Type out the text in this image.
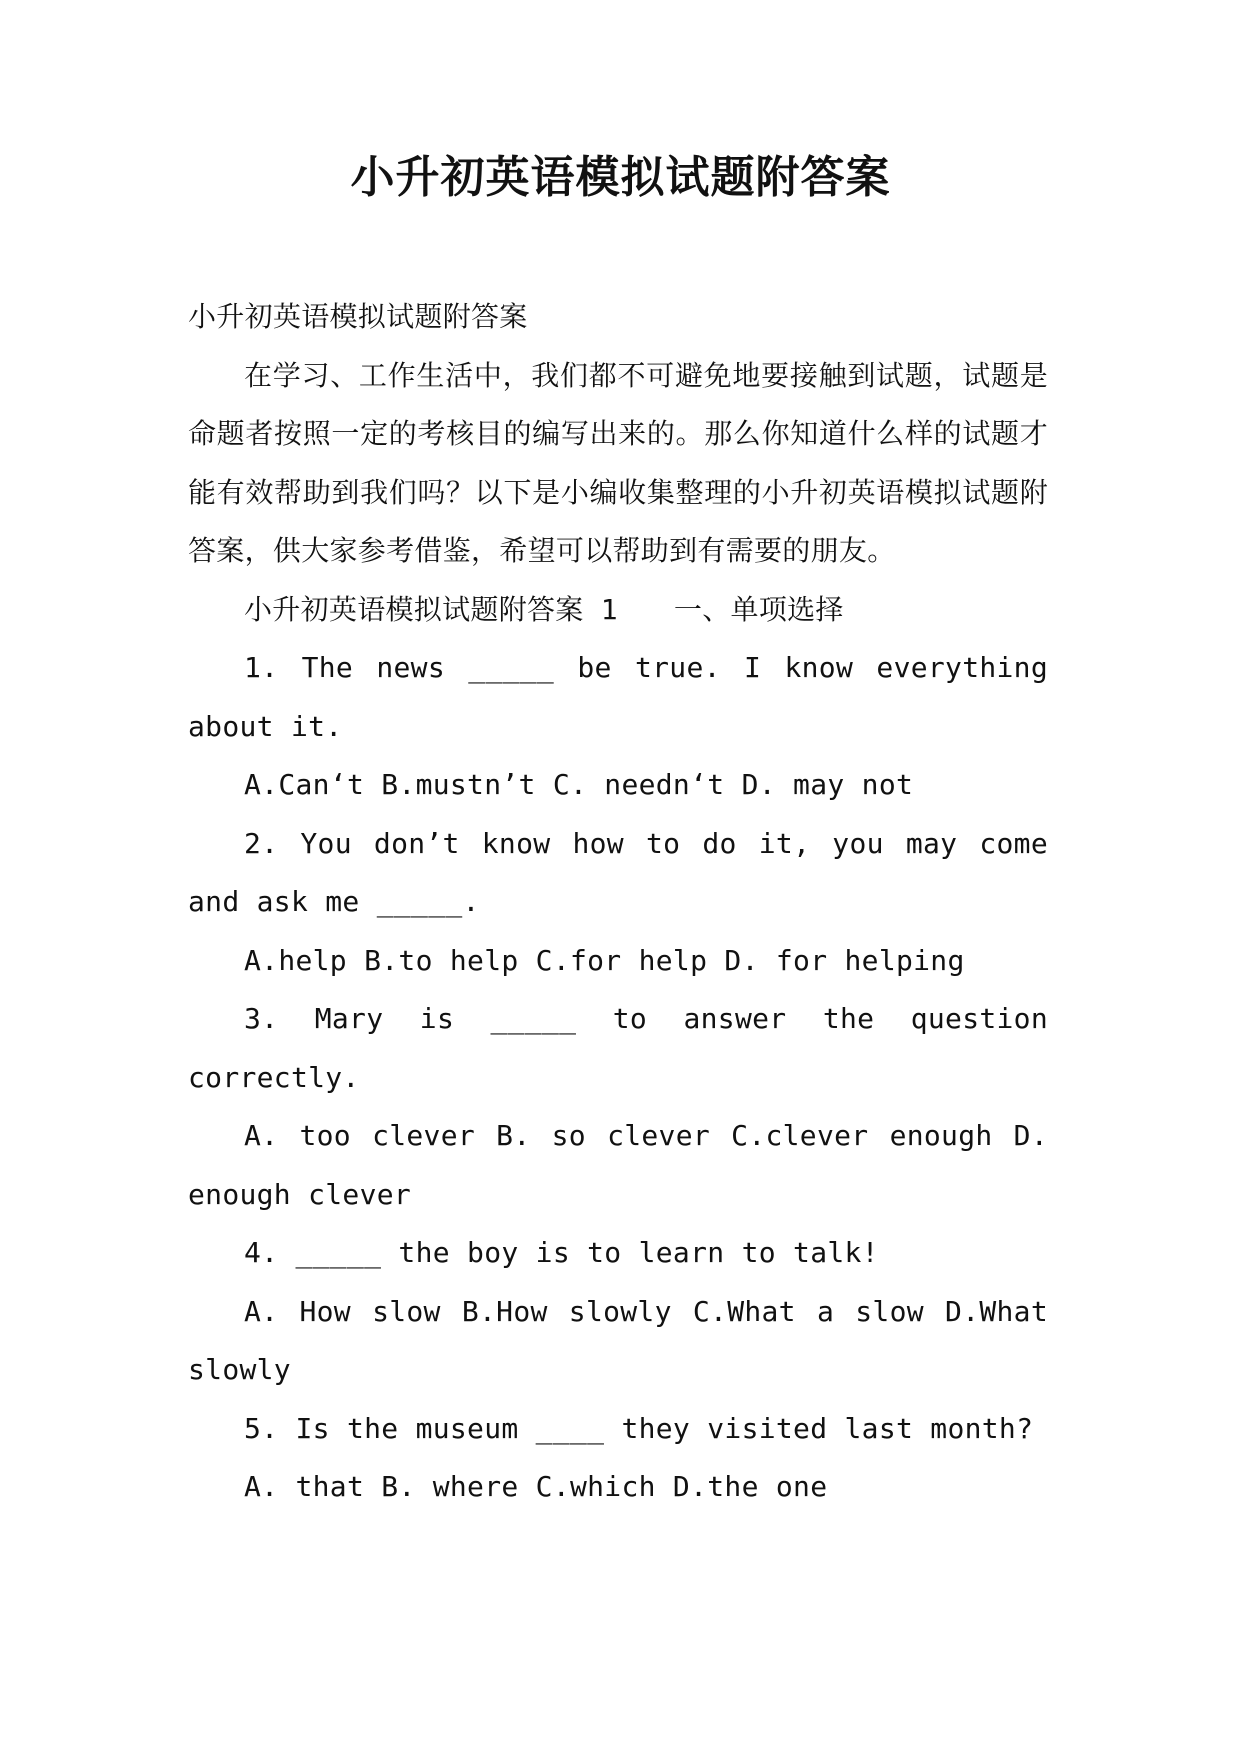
小升初英语模拟试题附答案

小升初英语模拟试题附答案

在学习、工作生活中，我们都不可避免地要接触到试题，试题是命题者按照一定的考核目的编写出来的。那么你知道什么样的试题才能有效帮助到我们吗？以下是小编收集整理的小升初英语模拟试题附答案，供大家参考借鉴，希望可以帮助到有需要的朋友。

小升初英语模拟试题附答案 1 一、单项选择

1. The news _____ be true. I know everything about it.

A.Can‘t B.mustn’t C. needn‘t D. may not

2. You don’t know how to do it, you may come and ask me _____.

A.help B.to help C.for help D. for helping

3. Mary is _____ to answer the question correctly.

A. too clever B. so clever C.clever enough D. enough clever

4. _____ the boy is to learn to talk!

A. How slow B.How slowly C.What a slow D.What slowly

5. Is the museum ____ they visited last month?

A. that B. where C.which D.the one
